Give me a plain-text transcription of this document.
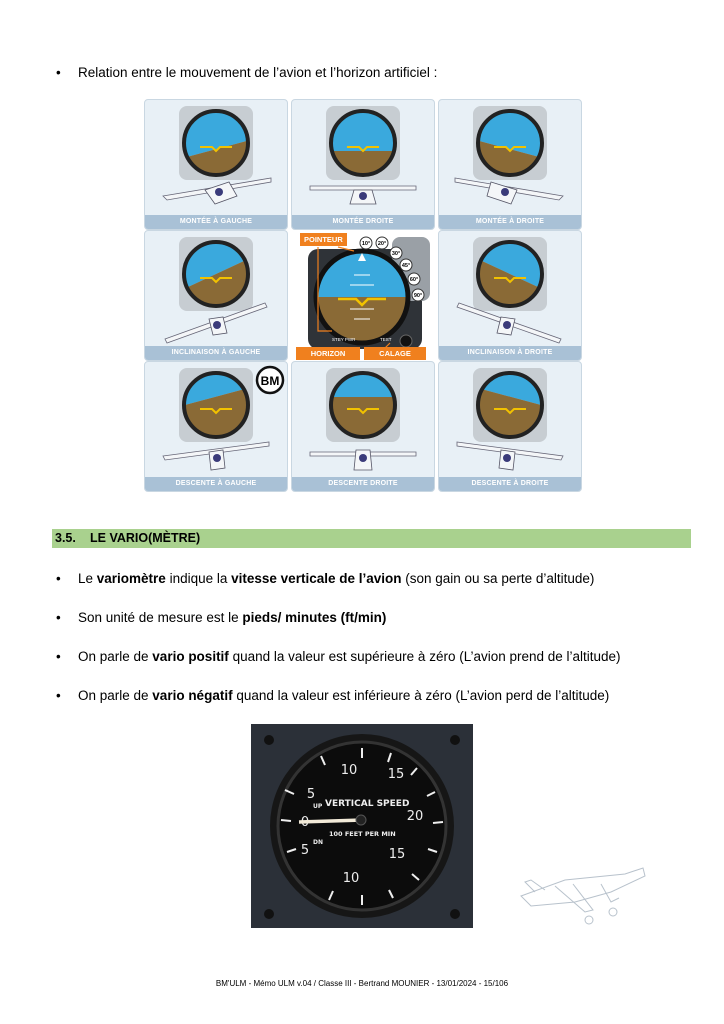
• Relation entre le mouvement de l’avion et l’horizon artificiel :
MONTÉE À GAUCHE	MONTÉE DROITE	MONTÉE À DROITE
INCLINAISON À GAUCHE
STBY PWR	TEST
10° 20°
30°
45°
60°
90°
POINTEUR
HORIZON	CALAGE	INCLINAISON À DROITE
DESCENTE À GAUCHE	DESCENTE DROITE	DESCENTE À DROITE
BM
3.5. LE VARIO(MÈTRE)
• Le variomètre indique la vitesse verticale de l’avion (son gain ou sa perte d’altitude)
• Son unité de mesure est le pieds/ minutes (ft/min)
• On parle de vario positif quand la valeur est supérieure à zéro (L’avion prend de l’altitude)
• On parle de vario négatif quand la valeur est inférieure à zéro (L’avion perd de l’altitude)
10 15
20
15
10
5
5
UP
DN
VERTICAL SPEED
100 FEET PER MIN
BM'ULM - Mémo ULM v.04 / Classe III - Bertrand MOUNIER - 13/01/2024 - 15/106
